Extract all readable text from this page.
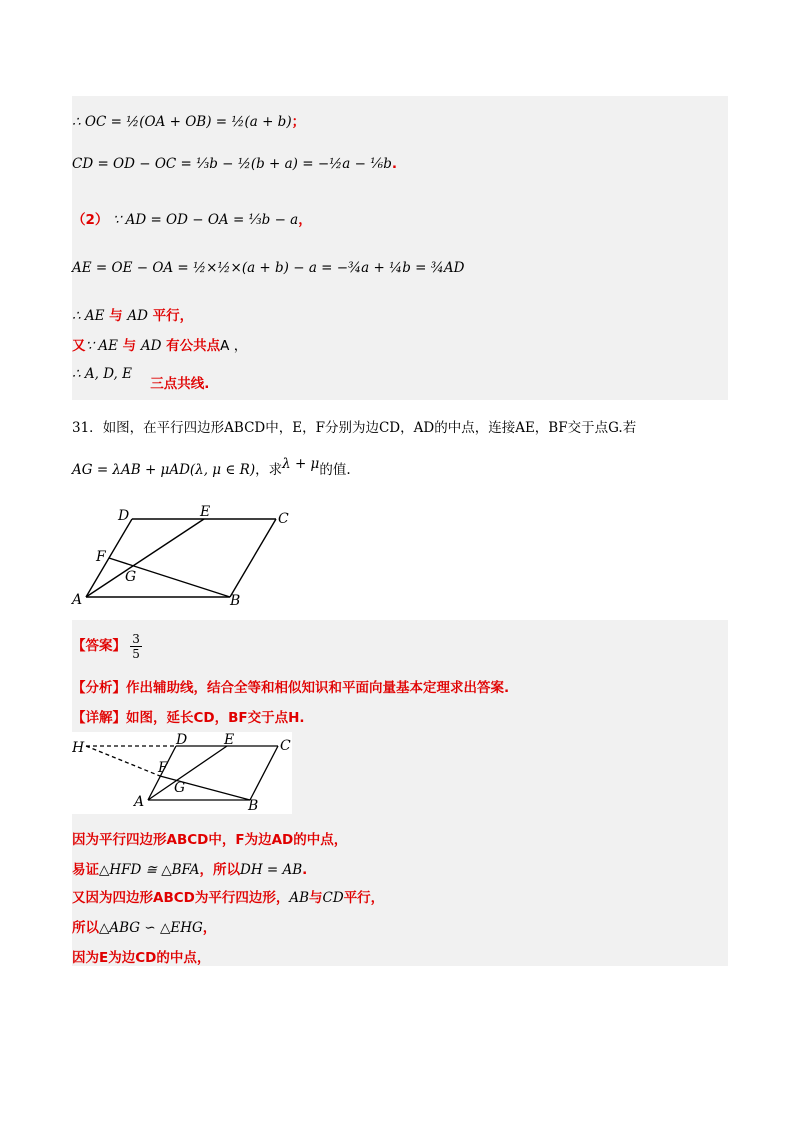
∴ OC = ½(OA + OB) = ½(a + b)；
CD = OD − OC = ⅓b − ½(b + a) = −½a − ⅙b.
（2） ∵ AD = OD − OA = ⅓b − a，
AE = OE − OA = ½×½×(a + b) − a = −¾a + ¼b = ¾AD
∴ AE 与 AD 平行，
又∵ AE 与 AD 有公共点A ，
∴ A, D, E 三点共线.
31．如图，在平行四边形ABCD中，E，F分别为边CD，AD的中点，连接AE，BF交于点G.若
AG = λAB + μAD(λ, μ ∈ R)，求λ + μ的值.
D	E	C
F
G
A	B
【答案】 $\frac{3}{5}$
【分析】作出辅助线，结合全等和相似知识和平面向量基本定理求出答案.
【详解】如图，延长CD，BF交于点H.
H	D	E	C
F
G
A	B
因为平行四边形ABCD中，F为边AD的中点，
易证△HFD ≅ △BFA，所以DH = AB.
又因为四边形ABCD为平行四边形，AB与CD平行，
所以△ABG ∽ △EHG，
因为E为边CD的中点，
